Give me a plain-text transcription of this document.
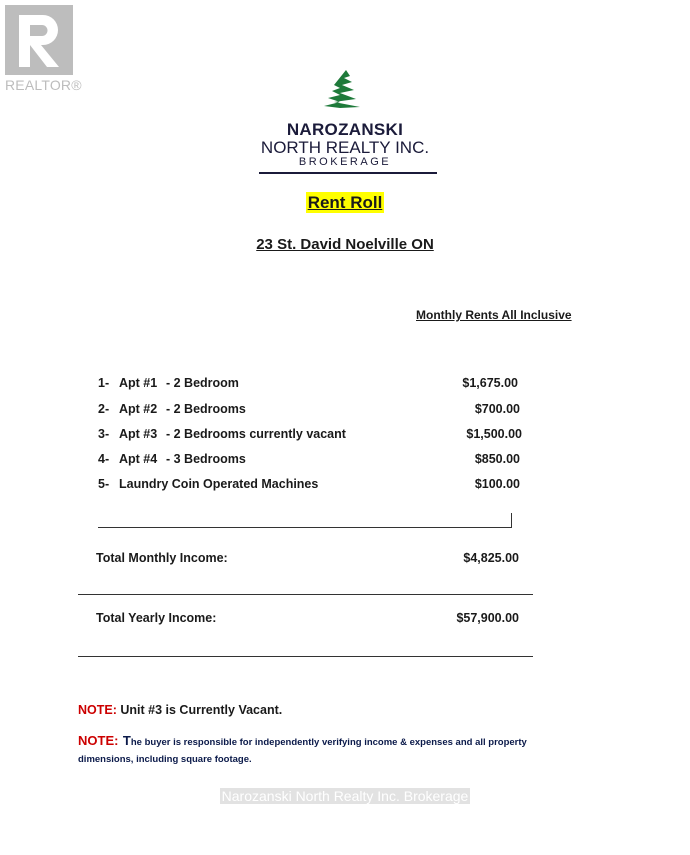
REALTOR®
NAROZANSKI
NORTH REALTY INC.
BROKERAGE
Rent Roll
23 St. David Noelville ON
Monthly Rents All Inclusive
1- Apt #1 - 2 Bedroom	$1,675.00
2- Apt #2 - 2 Bedrooms	$700.00
3- Apt #3 - 2 Bedrooms currently vacant	$1,500.00
4- Apt #4 - 3 Bedrooms	$850.00
5- Laundry Coin Operated Machines	$100.00
Total Monthly Income:	$4,825.00
Total Yearly Income:	$57,900.00
NOTE: Unit #3 is Currently Vacant.
NOTE: The buyer is responsible for independently verifying income & expenses and all property dimensions, including square footage.
Narozanski North Realty Inc. Brokerage
